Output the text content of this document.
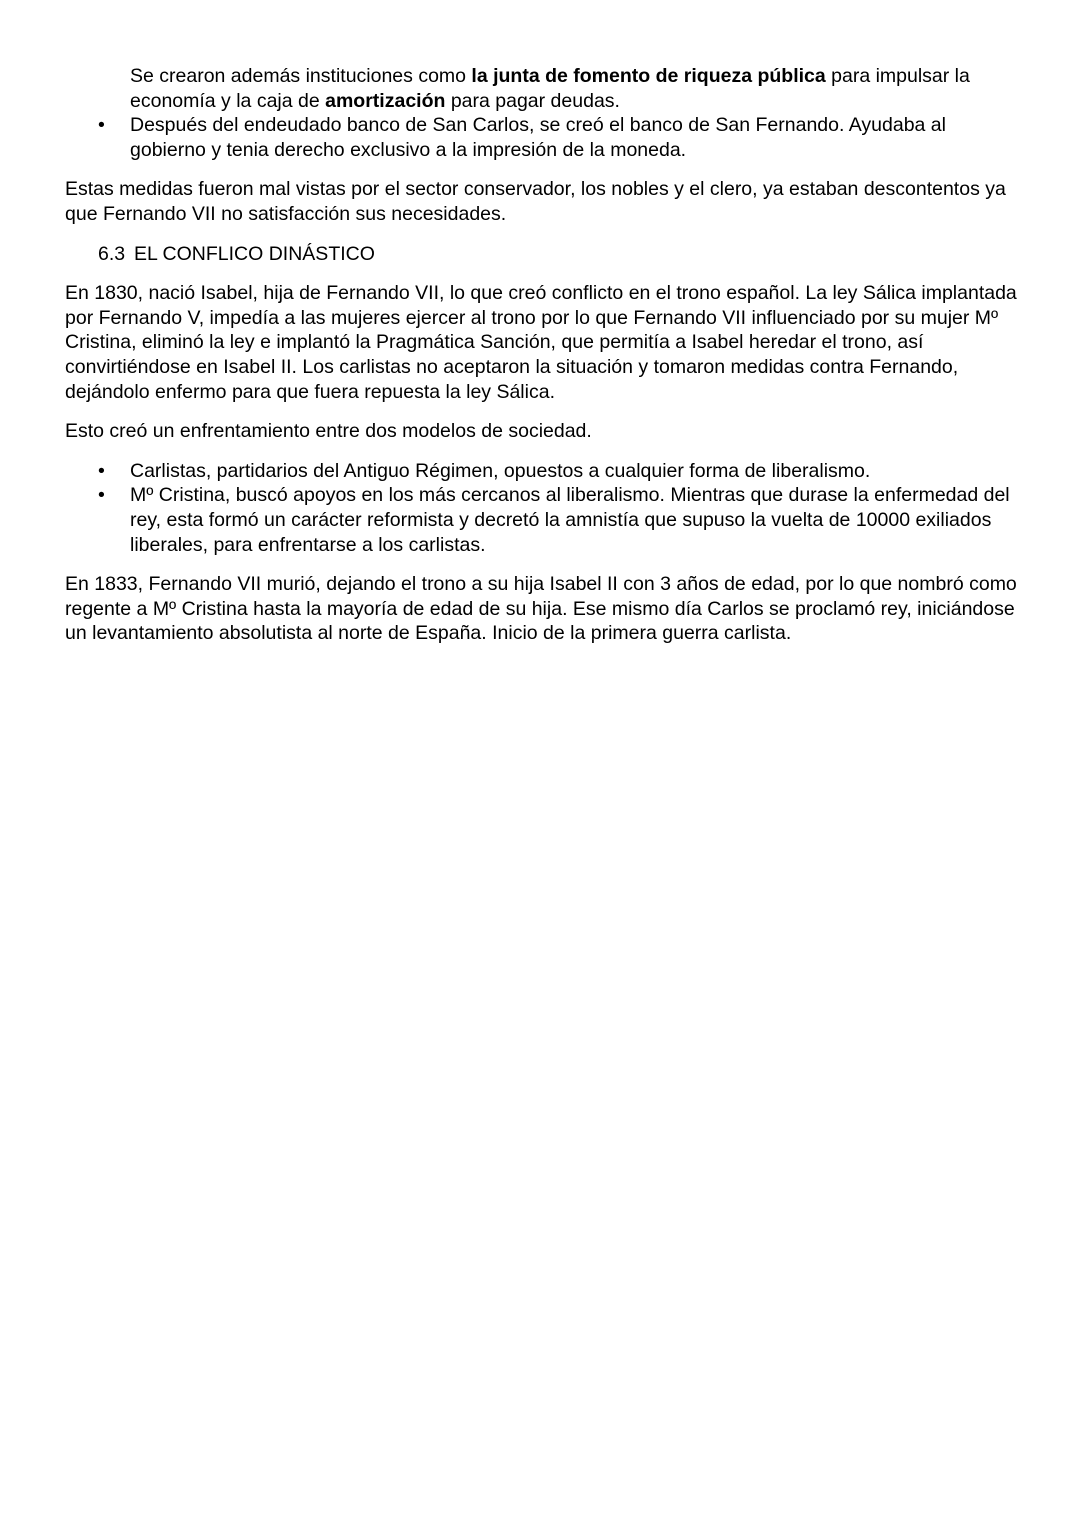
Se crearon además instituciones como la junta de fomento de riqueza pública para impulsar la economía y la caja de amortización para pagar deudas.

• Después del endeudado banco de San Carlos, se creó el banco de San Fernando. Ayudaba al gobierno y tenia derecho exclusivo a la impresión de la moneda.

Estas medidas fueron mal vistas por el sector conservador, los nobles y el clero, ya estaban descontentos ya que Fernando VII no satisfacción sus necesidades.

6.3 EL CONFLICO DINÁSTICO

En 1830, nació Isabel, hija de Fernando VII, lo que creó conflicto en el trono español. La ley Sálica implantada por Fernando V, impedía a las mujeres ejercer al trono por lo que Fernando VII influenciado por su mujer Mº Cristina, eliminó la ley e implantó la Pragmática Sanción, que permitía a Isabel heredar el trono, así convirtiéndose en Isabel II. Los carlistas no aceptaron la situación y tomaron medidas contra Fernando, dejándolo enfermo para que fuera repuesta la ley Sálica.

Esto creó un enfrentamiento entre dos modelos de sociedad.

• Carlistas, partidarios del Antiguo Régimen, opuestos a cualquier forma de liberalismo.
• Mº Cristina, buscó apoyos en los más cercanos al liberalismo. Mientras que durase la enfermedad del rey, esta formó un carácter reformista y decretó la amnistía que supuso la vuelta de 10000 exiliados liberales, para enfrentarse a los carlistas.

En 1833, Fernando VII murió, dejando el trono a su hija Isabel II con 3 años de edad, por lo que nombró como regente a Mº Cristina hasta la mayoría de edad de su hija. Ese mismo día Carlos se proclamó rey, iniciándose un levantamiento absolutista al norte de España. Inicio de la primera guerra carlista.
